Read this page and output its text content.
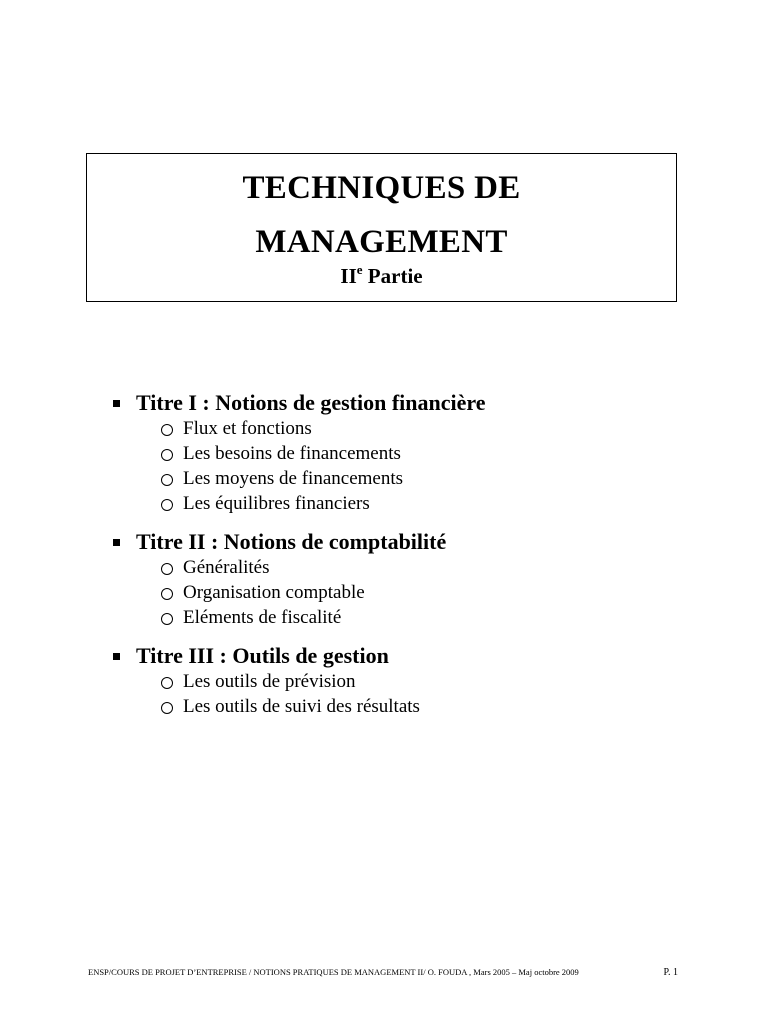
TECHNIQUES DE
MANAGEMENT
IIe Partie
Titre I : Notions de gestion financière
Flux et fonctions
Les besoins de financements
Les moyens de financements
Les équilibres financiers
Titre II : Notions de comptabilité
Généralités
Organisation comptable
Eléments de fiscalité
Titre III : Outils de gestion
Les outils de prévision
Les outils de suivi des résultats
ENSP/COURS DE PROJET D’ENTREPRISE / NOTIONS PRATIQUES DE MANAGEMENT II/ O. FOUDA , Mars 2005 – Maj octobre 2009	P. 1
